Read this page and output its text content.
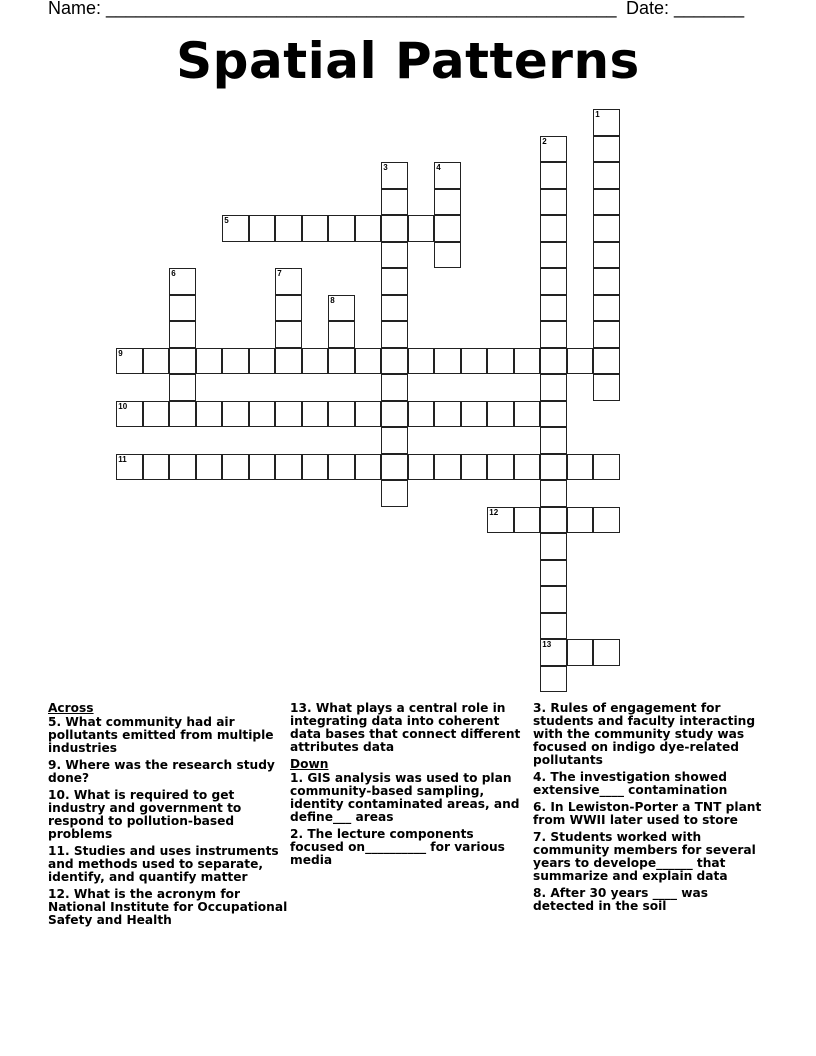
Name: ___________________________________________________ Date: _______
Spatial Patterns
1
2
13
3	4
5
6	7
8
9
10
11
12
Across
5. What community had air pollutants emitted from multiple industries
9. Where was the research study done?
10. What is required to get industry and government to respond to pollution-based problems
11. Studies and uses instruments and methods used to separate, identify, and quantify matter
12. What is the acronym for National Institute for Occupational Safety and Health
13. What plays a central role in integrating data into coherent data bases that connect different attributes data
Down
1. GIS analysis was used to plan community-based sampling, identity contaminated areas, and define___ areas
2. The lecture components focused on__________ for various media
3. Rules of engagement for students and faculty interacting with the community study was focused on indigo dye-related pollutants
4. The investigation showed extensive____ contamination
6. In Lewiston-Porter a TNT plant from WWII later used to store
7. Students worked with community members for several years to develope______ that summarize and explain data
8. After 30 years ____ was detected in the soil
